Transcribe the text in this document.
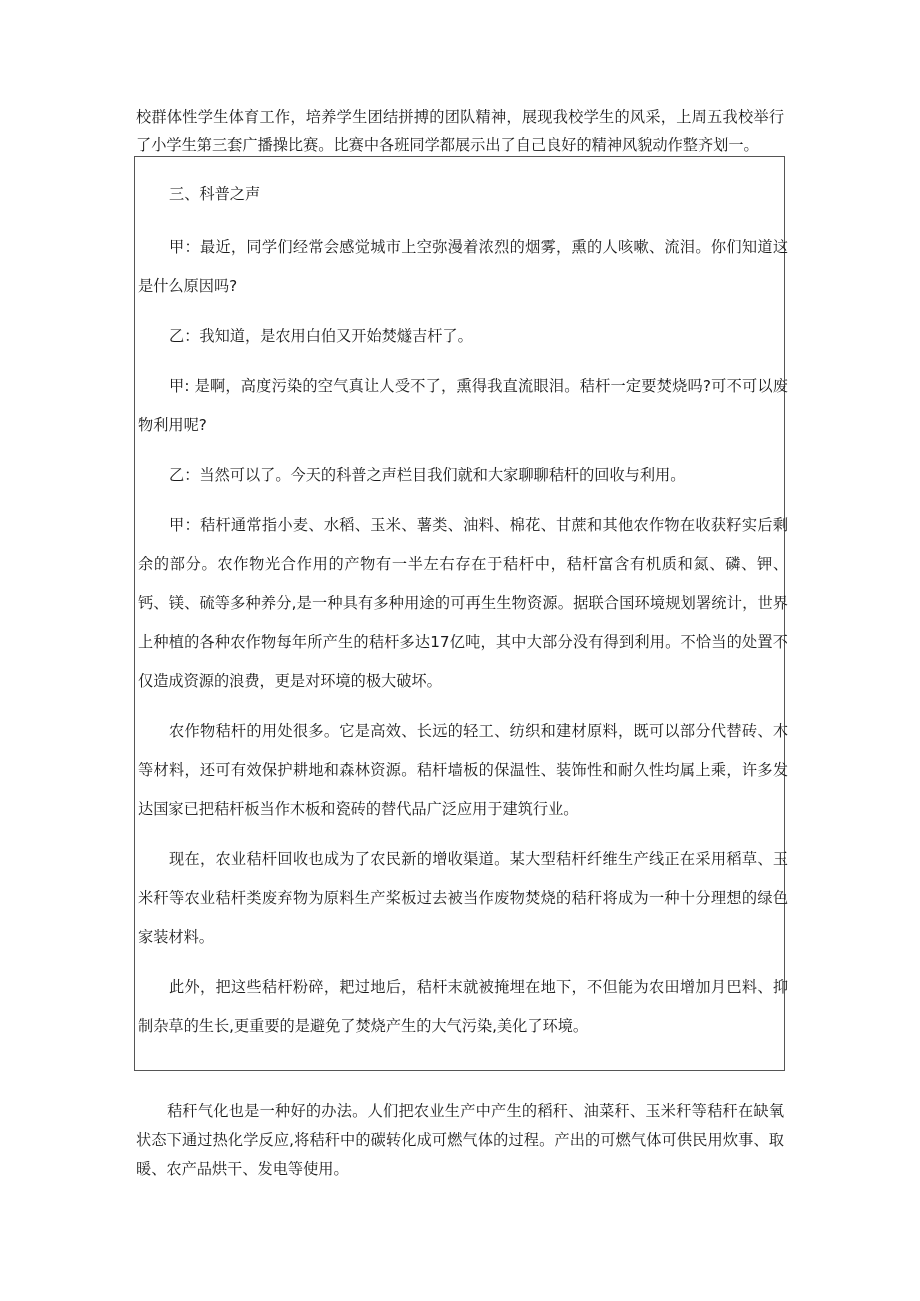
校群体性学生体育工作，培养学生团结拼搏的团队精神，展现我校学生的风采，上周五我校举行了小学生第三套广播操比赛。比赛中各班同学都展示出了自己良好的精神风貌动作整齐划一。

三、科普之声

甲：最近，同学们经常会感觉城市上空弥漫着浓烈的烟雾，熏的人咳嗽、流泪。你们知道这是什么原因吗?

乙：我知道，是农用白伯又开始焚燧吉杆了。

甲: 是啊，高度污染的空气真让人受不了，熏得我直流眼泪。秸杆一定要焚烧吗?可不可以废物利用呢?

乙：当然可以了。今天的科普之声栏目我们就和大家聊聊秸杆的回收与利用。

甲：秸杆通常指小麦、水稻、玉米、薯类、油料、棉花、甘蔗和其他农作物在收获籽实后剩余的部分。农作物光合作用的产物有一半左右存在于秸杆中，秸杆富含有机质和氮、磷、钾、钙、镁、硫等多种养分,是一种具有多种用途的可再生生物资源。据联合国环境规划署统计，世界上种植的各种农作物每年所产生的秸杆多达17亿吨，其中大部分没有得到利用。不恰当的处置不仅造成资源的浪费，更是对环境的极大破坏。

农作物秸杆的用处很多。它是高效、长远的轻工、纺织和建材原料，既可以部分代替砖、木等材料，还可有效保护耕地和森林资源。秸杆墙板的保温性、装饰性和耐久性均属上乘，许多发达国家已把秸杆板当作木板和瓷砖的替代品广泛应用于建筑行业。

现在，农业秸杆回收也成为了农民新的增收渠道。某大型秸杆纤维生产线正在采用稻草、玉米秆等农业秸杆类废弃物为原料生产桨板过去被当作废物焚烧的秸秆将成为一种十分理想的绿色家装材料。

此外，把这些秸杆粉碎，耙过地后，秸杆末就被掩埋在地下，不但能为农田增加月巴料、抑制杂草的生长,更重要的是避免了焚烧产生的大气污染,美化了环境。

秸秆气化也是一种好的办法。人们把农业生产中产生的稻秆、油菜秆、玉米秆等秸秆在缺氧状态下通过热化学反应,将秸秆中的碳转化成可燃气体的过程。产出的可燃气体可供民用炊事、取暖、农产品烘干、发电等使用。
